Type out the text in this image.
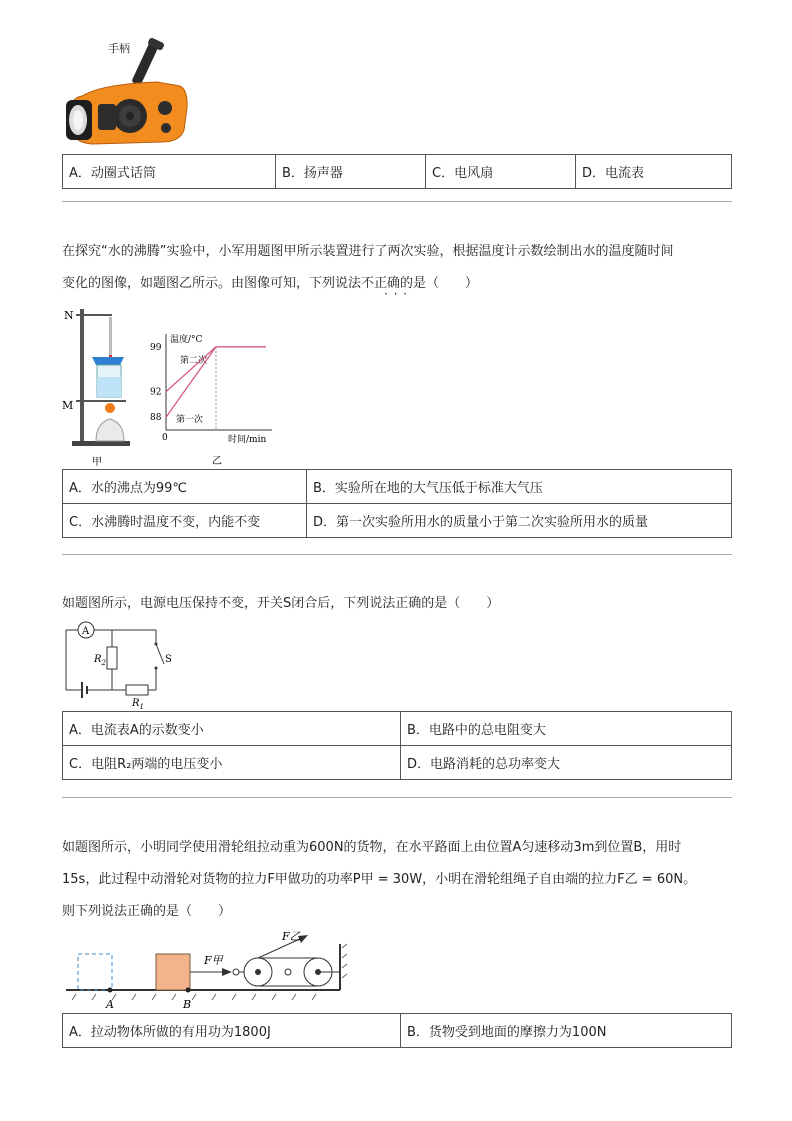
手柄
A．动圈式话筒	B．扬声器	C．电风扇	D．电流表
在探究“水的沸腾”实验中，小军用题图甲所示装置进行了两次实验，根据温度计示数绘制出水的温度随时间
变化的图像，如题图乙所示。由图像可知，下列说法不正确的是（　　）
· · ·
N
M
甲
温度/°C
时间/min
0
第二次
第一次
乙
88
92
99
A．水的沸点为99℃	B．实验所在地的大气压低于标准大气压
C．水沸腾时温度不变，内能不变	D．第一次实验所用水的质量小于第二次实验所用水的质量
如题图所示，电源电压保持不变，开关S闭合后，下列说法正确的是（　　）
A
S
$R_2$
$R_1$
A．电流表A的示数变小	B．电路中的总电阻变大
C．电阻R₂两端的电压变小	D．电路消耗的总功率变大
如题图所示，小明同学使用滑轮组拉动重为600N的货物，在水平路面上由位置A匀速移动3m到位置B，用时
15s，此过程中动滑轮对货物的拉力F甲做功的功率P甲 = 30W，小明在滑轮组绳子自由端的拉力F乙 = 60N。
则下列说法正确的是（　　）
A	B
F甲
F乙
A．拉动物体所做的有用功为1800J	B．货物受到地面的摩擦力为100N
